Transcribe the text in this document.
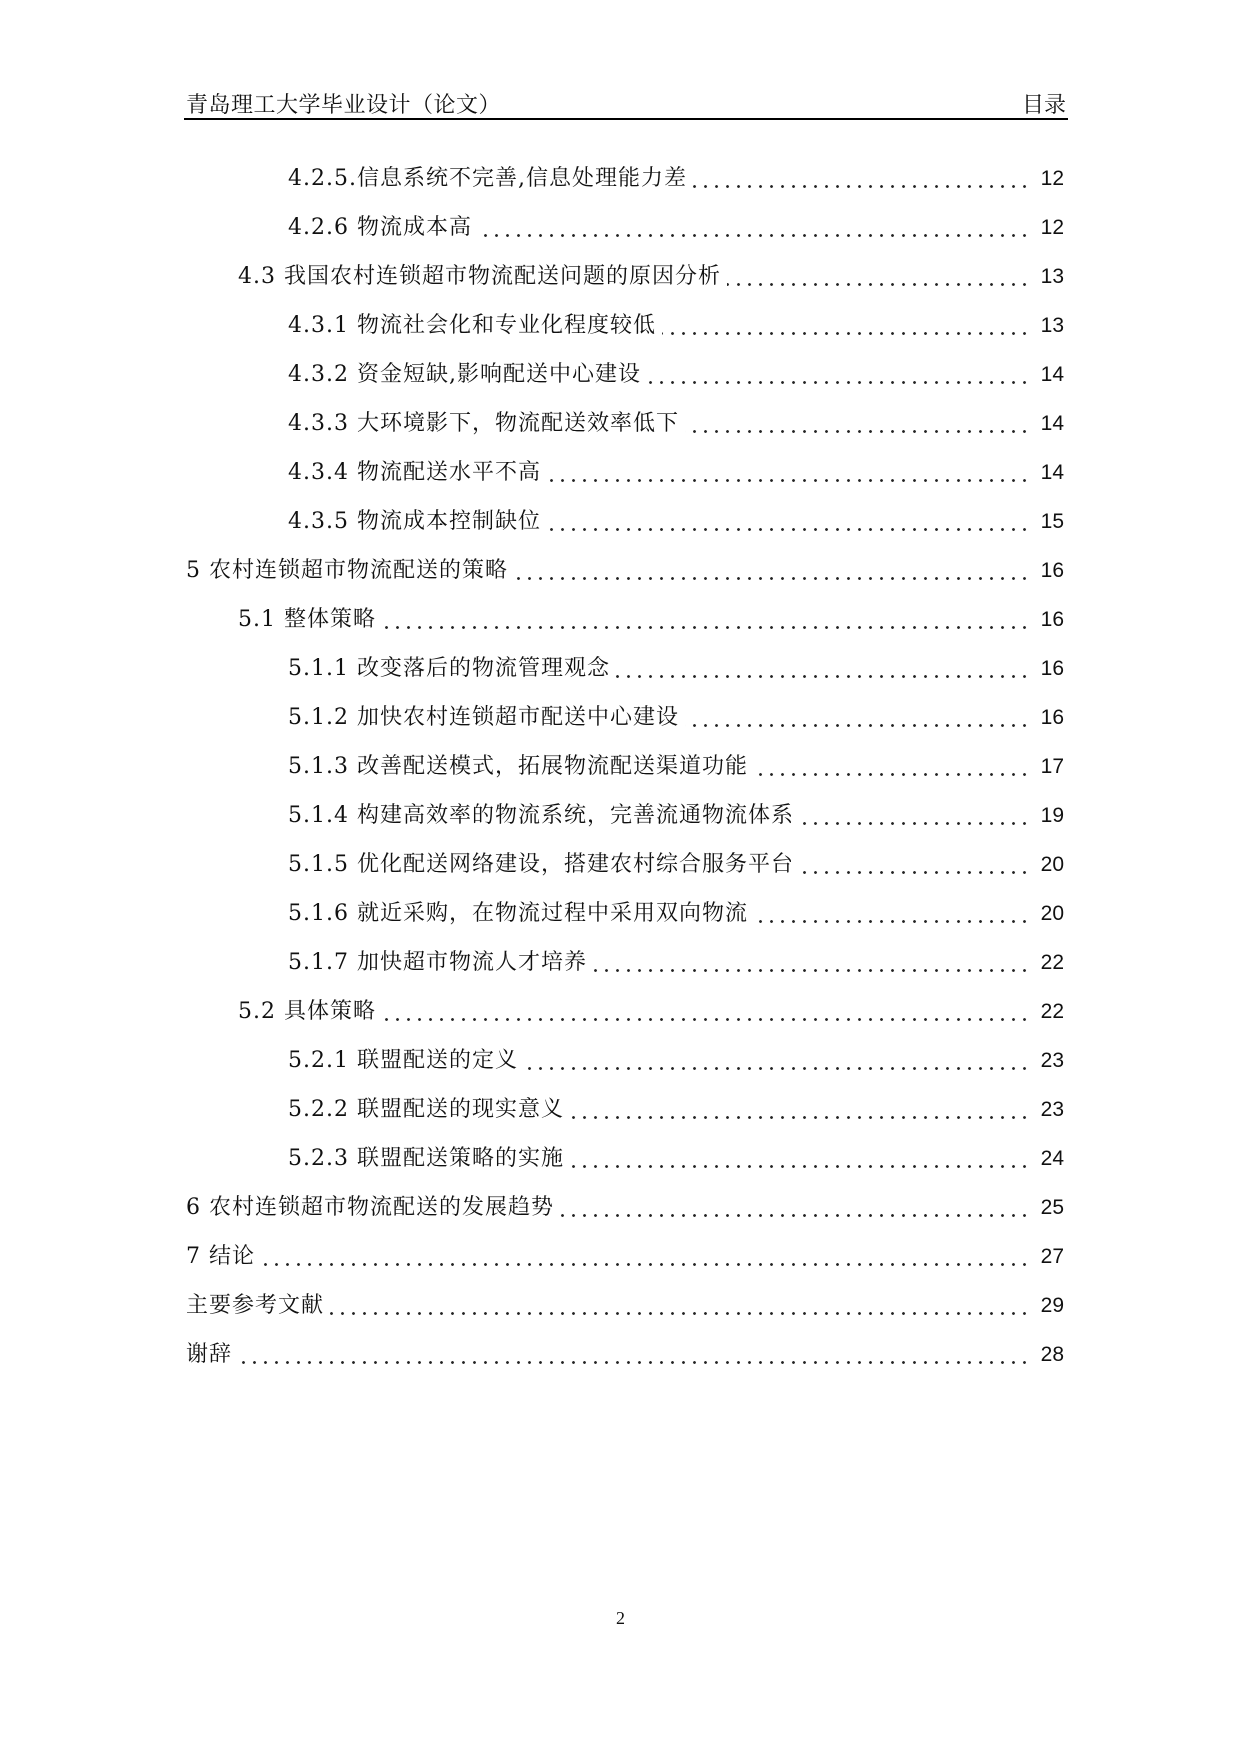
青岛理工大学毕业设计（论文）	目录
4.2.5.信息系统不完善,信息处理能力差	12
4.2.6 物流成本高	12
4.3 我国农村连锁超市物流配送问题的原因分析	13
4.3.1 物流社会化和专业化程度较低	13
4.3.2 资金短缺,影响配送中心建设	14
4.3.3 大环境影下，物流配送效率低下	14
4.3.4 物流配送水平不高	14
4.3.5 物流成本控制缺位	15
5 农村连锁超市物流配送的策略	16
5.1 整体策略	16
5.1.1 改变落后的物流管理观念	16
5.1.2 加快农村连锁超市配送中心建设	16
5.1.3 改善配送模式，拓展物流配送渠道功能	17
5.1.4 构建高效率的物流系统，完善流通物流体系	19
5.1.5 优化配送网络建设，搭建农村综合服务平台	20
5.1.6 就近采购，在物流过程中采用双向物流	20
5.1.7 加快超市物流人才培养	22
5.2 具体策略	22
5.2.1 联盟配送的定义	23
5.2.2 联盟配送的现实意义	23
5.2.3 联盟配送策略的实施	24
6 农村连锁超市物流配送的发展趋势	25
7 结论	27
主要参考文献	29
谢辞	28
2
